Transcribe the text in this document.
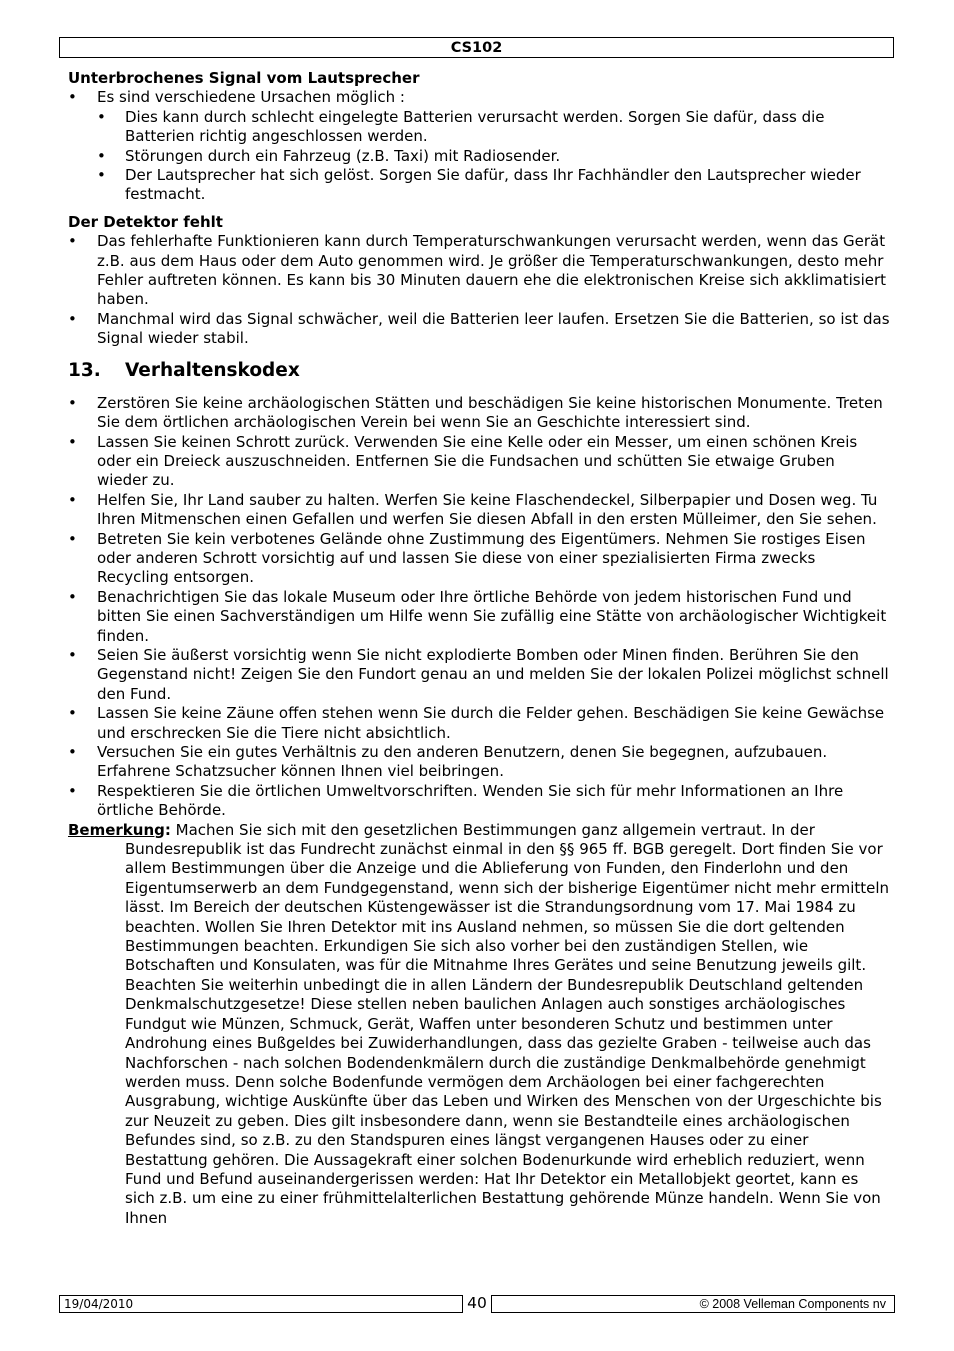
CS102
Unterbrochenes Signal vom Lautsprecher
• Es sind verschiedene Ursachen möglich :
• Dies kann durch schlecht eingelegte Batterien verursacht werden. Sorgen Sie dafür, dass die Batterien richtig angeschlossen werden.
• Störungen durch ein Fahrzeug (z.B. Taxi) mit Radiosender.
• Der Lautsprecher hat sich gelöst. Sorgen Sie dafür, dass Ihr Fachhändler den Lautsprecher wieder festmacht.
Der Detektor fehlt
• Das fehlerhafte Funktionieren kann durch Temperaturschwankungen verursacht werden, wenn das Gerät z.B. aus dem Haus oder dem Auto genommen wird. Je größer die Temperaturschwankungen, desto mehr Fehler auftreten können. Es kann bis 30 Minuten dauern ehe die elektronischen Kreise sich akklimatisiert haben.
• Manchmal wird das Signal schwächer, weil die Batterien leer laufen. Ersetzen Sie die Batterien, so ist das Signal wieder stabil.
13. Verhaltenskodex
• Zerstören Sie keine archäologischen Stätten und beschädigen Sie keine historischen Monumente. Treten Sie dem örtlichen archäologischen Verein bei wenn Sie an Geschichte interessiert sind.
• Lassen Sie keinen Schrott zurück. Verwenden Sie eine Kelle oder ein Messer, um einen schönen Kreis oder ein Dreieck auszuschneiden. Entfernen Sie die Fundsachen und schütten Sie etwaige Gruben wieder zu.
• Helfen Sie, Ihr Land sauber zu halten. Werfen Sie keine Flaschendeckel, Silberpapier und Dosen weg. Tu Ihren Mitmenschen einen Gefallen und werfen Sie diesen Abfall in den ersten Mülleimer, den Sie sehen.
• Betreten Sie kein verbotenes Gelände ohne Zustimmung des Eigentümers. Nehmen Sie rostiges Eisen oder anderen Schrott vorsichtig auf und lassen Sie diese von einer spezialisierten Firma zwecks Recycling entsorgen.
• Benachrichtigen Sie das lokale Museum oder Ihre örtliche Behörde von jedem historischen Fund und bitten Sie einen Sachverständigen um Hilfe wenn Sie zufällig eine Stätte von archäologischer Wichtigkeit finden.
• Seien Sie äußerst vorsichtig wenn Sie nicht explodierte Bomben oder Minen finden. Berühren Sie den Gegenstand nicht! Zeigen Sie den Fundort genau an und melden Sie der lokalen Polizei möglichst schnell den Fund.
• Lassen Sie keine Zäune offen stehen wenn Sie durch die Felder gehen. Beschädigen Sie keine Gewächse und erschrecken Sie die Tiere nicht absichtlich.
• Versuchen Sie ein gutes Verhältnis zu den anderen Benutzern, denen Sie begegnen, aufzubauen. Erfahrene Schatzsucher können Ihnen viel beibringen.
• Respektieren Sie die örtlichen Umweltvorschriften. Wenden Sie sich für mehr Informationen an Ihre örtliche Behörde.
Bemerkung: Machen Sie sich mit den gesetzlichen Bestimmungen ganz allgemein vertraut. In der
Bundesrepublik ist das Fundrecht zunächst einmal in den §§ 965 ff. BGB geregelt. Dort finden Sie vor allem Bestimmungen über die Anzeige und die Ablieferung von Funden, den Finderlohn und den Eigentumserwerb an dem Fundgegenstand, wenn sich der bisherige Eigentümer nicht mehr ermitteln lässt. Im Bereich der deutschen Küstengewässer ist die Strandungsordnung vom 17. Mai 1984 zu beachten. Wollen Sie Ihren Detektor mit ins Ausland nehmen, so müssen Sie die dort geltenden Bestimmungen beachten. Erkundigen Sie sich also vorher bei den zuständigen Stellen, wie Botschaften und Konsulaten, was für die Mitnahme Ihres Gerätes und seine Benutzung jeweils gilt.
Beachten Sie weiterhin unbedingt die in allen Ländern der Bundesrepublik Deutschland geltenden Denkmalschutzgesetze! Diese stellen neben baulichen Anlagen auch sonstiges archäologisches Fundgut wie Münzen, Schmuck, Gerät, Waffen unter besonderen Schutz und bestimmen unter Androhung eines Bußgeldes bei Zuwiderhandlungen, dass das gezielte Graben - teilweise auch das Nachforschen - nach solchen Bodendenkmälern durch die zuständige Denkmalbehörde genehmigt werden muss. Denn solche Bodenfunde vermögen dem Archäologen bei einer fachgerechten Ausgrabung, wichtige Auskünfte über das Leben und Wirken des Menschen von der Urgeschichte bis zur Neuzeit zu geben. Dies gilt insbesondere dann, wenn sie Bestandteile eines archäologischen Befundes sind, so z.B. zu den Standspuren eines längst vergangenen Hauses oder zu einer Bestattung gehören. Die Aussagekraft einer solchen Bodenurkunde wird erheblich reduziert, wenn Fund und Befund auseinandergerissen werden: Hat Ihr Detektor ein Metallobjekt geortet, kann es sich z.B. um eine zu einer frühmittelalterlichen Bestattung gehörende Münze handeln. Wenn Sie von Ihnen
19/04/2010	40	© 2008 Velleman Components nv
